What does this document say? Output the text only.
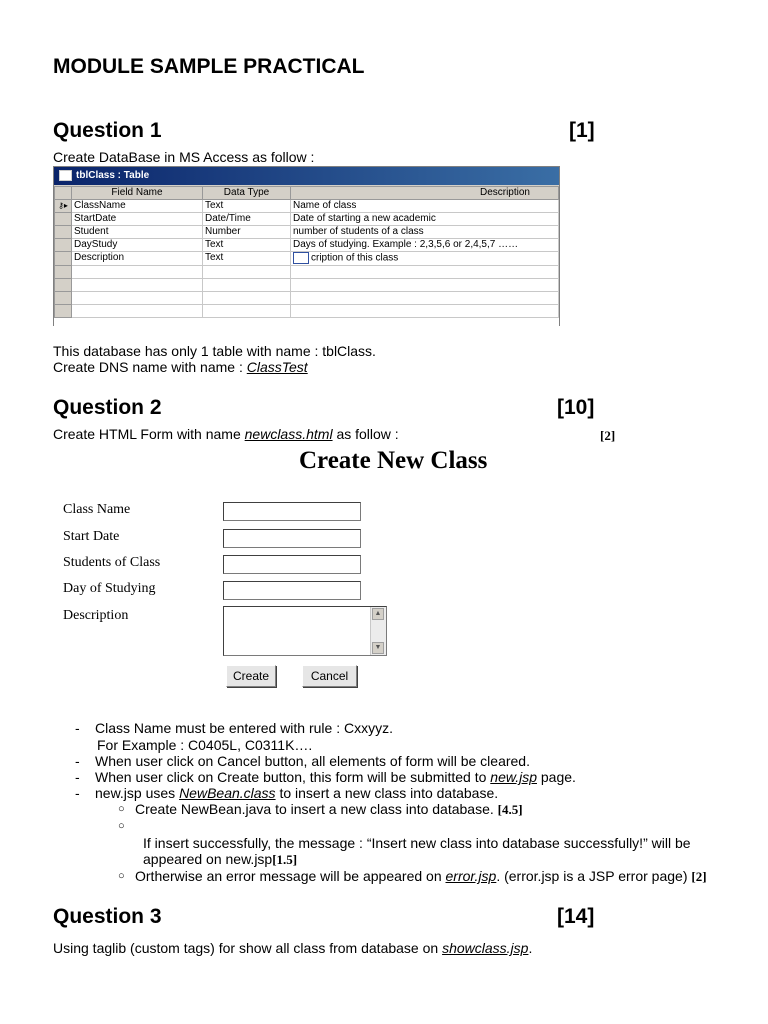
MODULE SAMPLE PRACTICAL
Question 1	[1]
Create DataBase in MS Access as follow :
tblClass : Table
	Field Name	Data Type	Description
⚷▸	ClassName	Text	Name of class
	StartDate	Date/Time	Date of starting a new academic
	Student	Number	number of students of a class
	DayStudy	Text	Days of studying. Example : 2,3,5,6 or 2,4,5,7 ……
	Description	Text	cription of this class

This database has only 1 table with name : tblClass.
Create DNS name with name : ClassTest
Question 2	[10]
Create HTML Form with name newclass.html as follow :	[2]
Create New Class
Class Name
Start Date
Students of Class
Day of Studying
Description	▲
▼
Create	Cancel
- Class Name must be entered with rule : Cxxyyz.
For Example : C0405L, C0311K….
- When user click on Cancel button, all elements of form will be cleared.
- When user click on Create button, this form will be submitted to new.jsp page.
- new.jsp uses NewBean.class to insert a new class into database.
○ Create NewBean.java to insert a new class into database. [4.5]
○
If insert successfully, the message : “Insert new class into database successfully!” will be
appeared on new.jsp[1.5]
○ Ortherwise an error message will be appeared on error.jsp. (error.jsp is a JSP error page) [2]
Question 3	[14]
Using taglib (custom tags) for show all class from database on showclass.jsp.
